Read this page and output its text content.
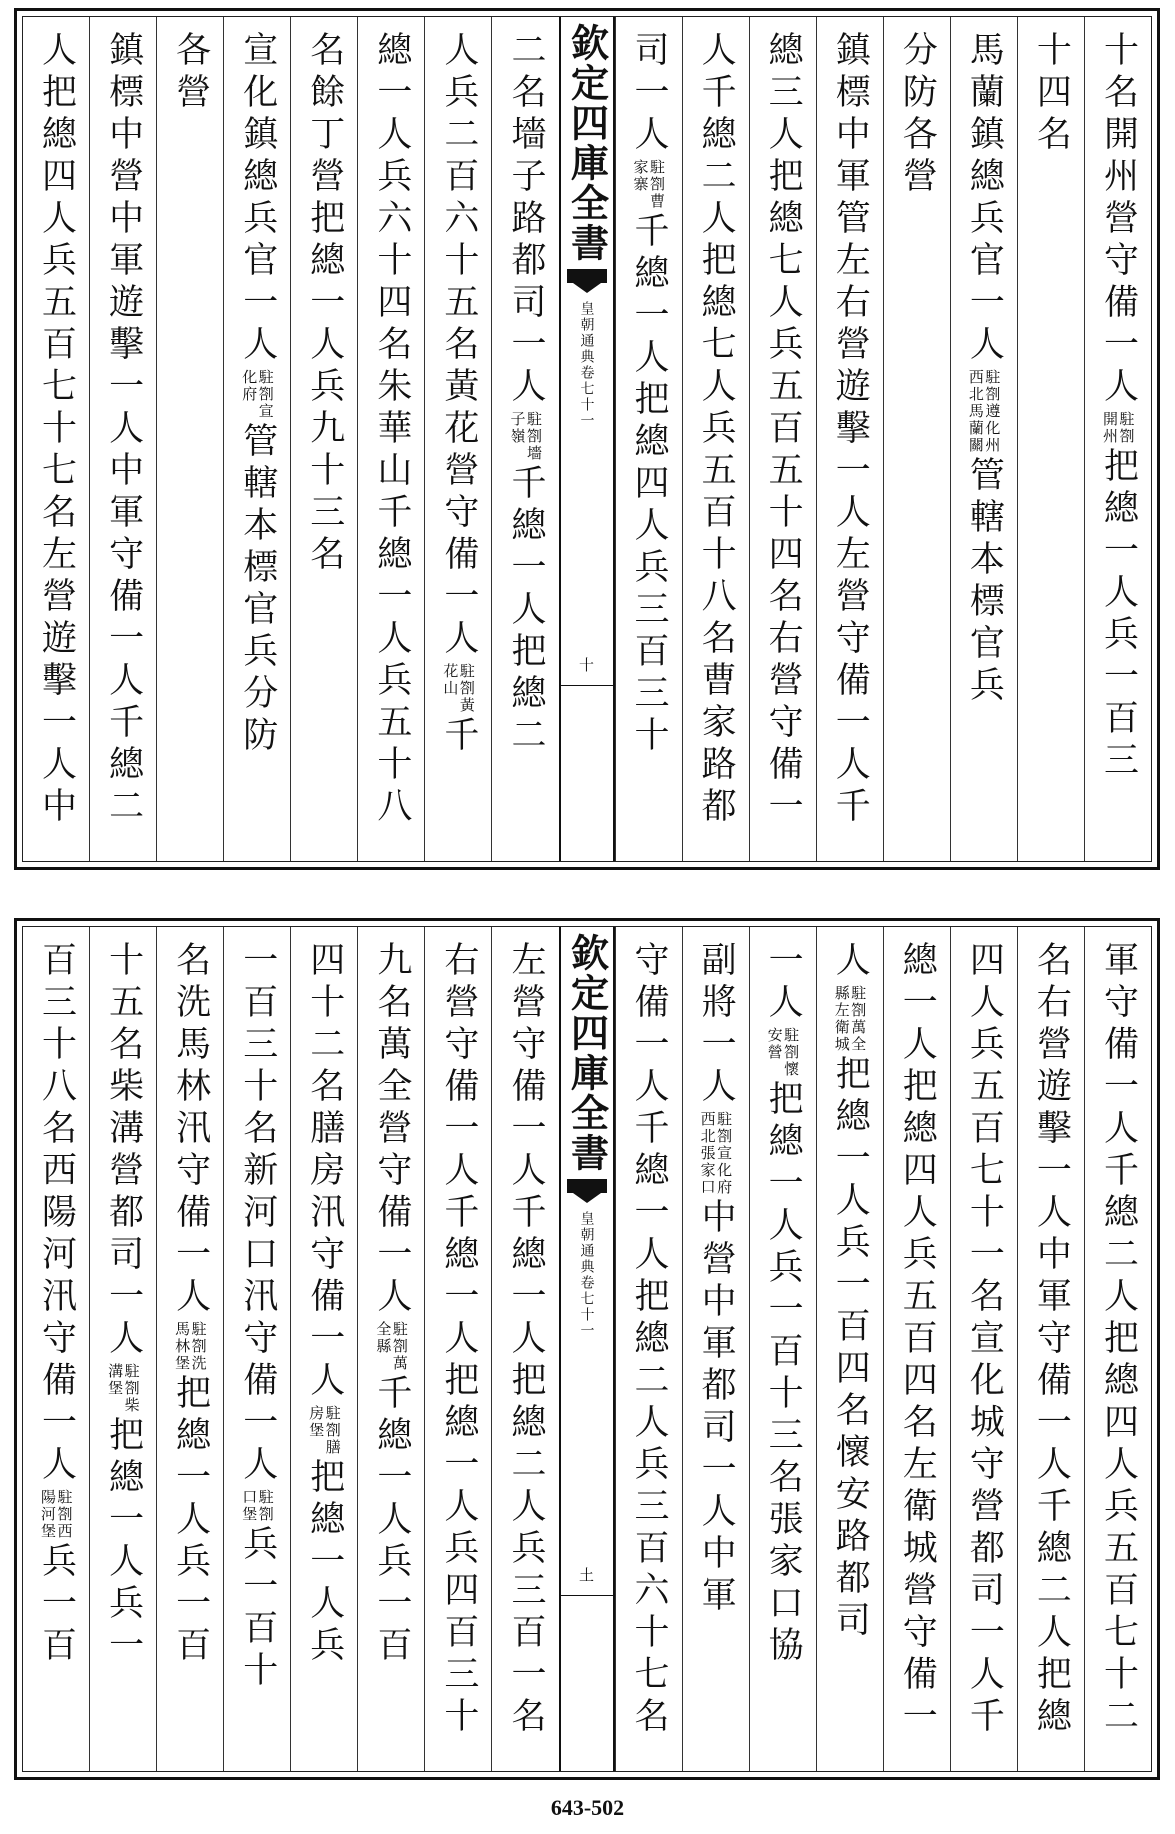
十名開州營守備一人
駐劄
開州
把總一人兵一百三
十四名
馬蘭鎮總兵官一人
駐劄遵化州
西北馬蘭關
管轄本標官兵
分防各營
鎮標中軍管左右營遊擊一人左營守備一人千
總三人把總七人兵五百五十四名右營守備一
人千總二人把總七人兵五百十八名曹家路都
司一人
駐劄曹
家寨
千總一人把總四人兵三百三十
欽定四庫全書
皇朝通典卷七十一
十
二名墻子路都司一人
駐劄墻
子嶺
千總一人把總二
人兵二百六十五名黃花營守備一人
駐劄黃
花山
千
總一人兵六十四名朱華山千總一人兵五十八
名餘丁營把總一人兵九十三名
宣化鎮總兵官一人
駐劄宣
化府
管轄本標官兵分防
各營
鎮標中營中軍遊擊一人中軍守備一人千總二
人把總四人兵五百七十七名左營遊擊一人中
軍守備一人千總二人把總四人兵五百七十二
名右營遊擊一人中軍守備一人千總二人把總
四人兵五百七十一名宣化城守營都司一人千
總一人把總四人兵五百四名左衛城營守備一
人
駐劄萬全
縣左衛城
把總一人兵一百四名懷安路都司
一人
駐劄懷
安營
把總一人兵一百十三名張家口協
副將一人
駐劄宣化府
西北張家口
中營中軍都司一人中軍
守備一人千總一人把總二人兵三百六十七名
欽定四庫全書
皇朝通典卷七十一
土
左營守備一人千總一人把總二人兵三百一名
右營守備一人千總一人把總一人兵四百三十
九名萬全營守備一人
駐劄萬
全縣
千總一人兵一百
四十二名膳房汛守備一人
駐劄膳
房堡
把總一人兵
一百三十名新河口汛守備一人
駐劄
口堡
兵一百十
名洗馬林汛守備一人
駐劄洗
馬林堡
把總一人兵一百
十五名柴溝營都司一人
駐劄柴
溝堡
把總一人兵一
百三十八名西陽河汛守備一人
駐劄西
陽河堡
兵一百
643-502
